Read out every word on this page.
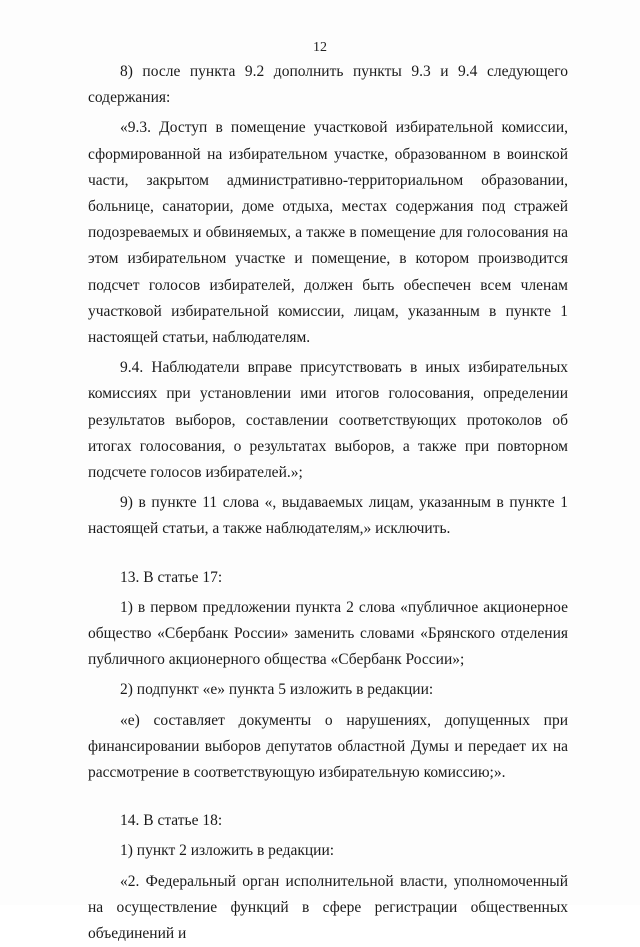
12

8) после пункта 9.2 дополнить пункты 9.3 и 9.4 следующего содержания:

«9.3. Доступ в помещение участковой избирательной комиссии, сформированной на избирательном участке, образованном в воинской части, закрытом административно-территориальном образовании, больнице, санатории, доме отдыха, местах содержания под стражей подозреваемых и обвиняемых, а также в помещение для голосования на этом избирательном участке и помещение, в котором производится подсчет голосов избирателей, должен быть обеспечен всем членам участковой избирательной комиссии, лицам, указанным в пункте 1 настоящей статьи, наблюдателям.

9.4. Наблюдатели вправе присутствовать в иных избирательных комиссиях при установлении ими итогов голосования, определении результатов выборов, составлении соответствующих протоколов об итогах голосования, о результатах выборов, а также при повторном подсчете голосов избирателей.»;

9) в пункте 11 слова «, выдаваемых лицам, указанным в пункте 1 настоящей статьи, а также наблюдателям,» исключить.

13. В статье 17:

1) в первом предложении пункта 2 слова «публичное акционерное общество «Сбербанк России» заменить словами «Брянского отделения публичного акционерного общества «Сбербанк России»;

2) подпункт «е» пункта 5 изложить в редакции:

«е) составляет документы о нарушениях, допущенных при финансировании выборов депутатов областной Думы и передает их на рассмотрение в соответствующую избирательную комиссию;».

14. В статье 18:

1) пункт 2 изложить в редакции:

«2. Федеральный орган исполнительной власти, уполномоченный на осуществление функций в сфере регистрации общественных объединений и
